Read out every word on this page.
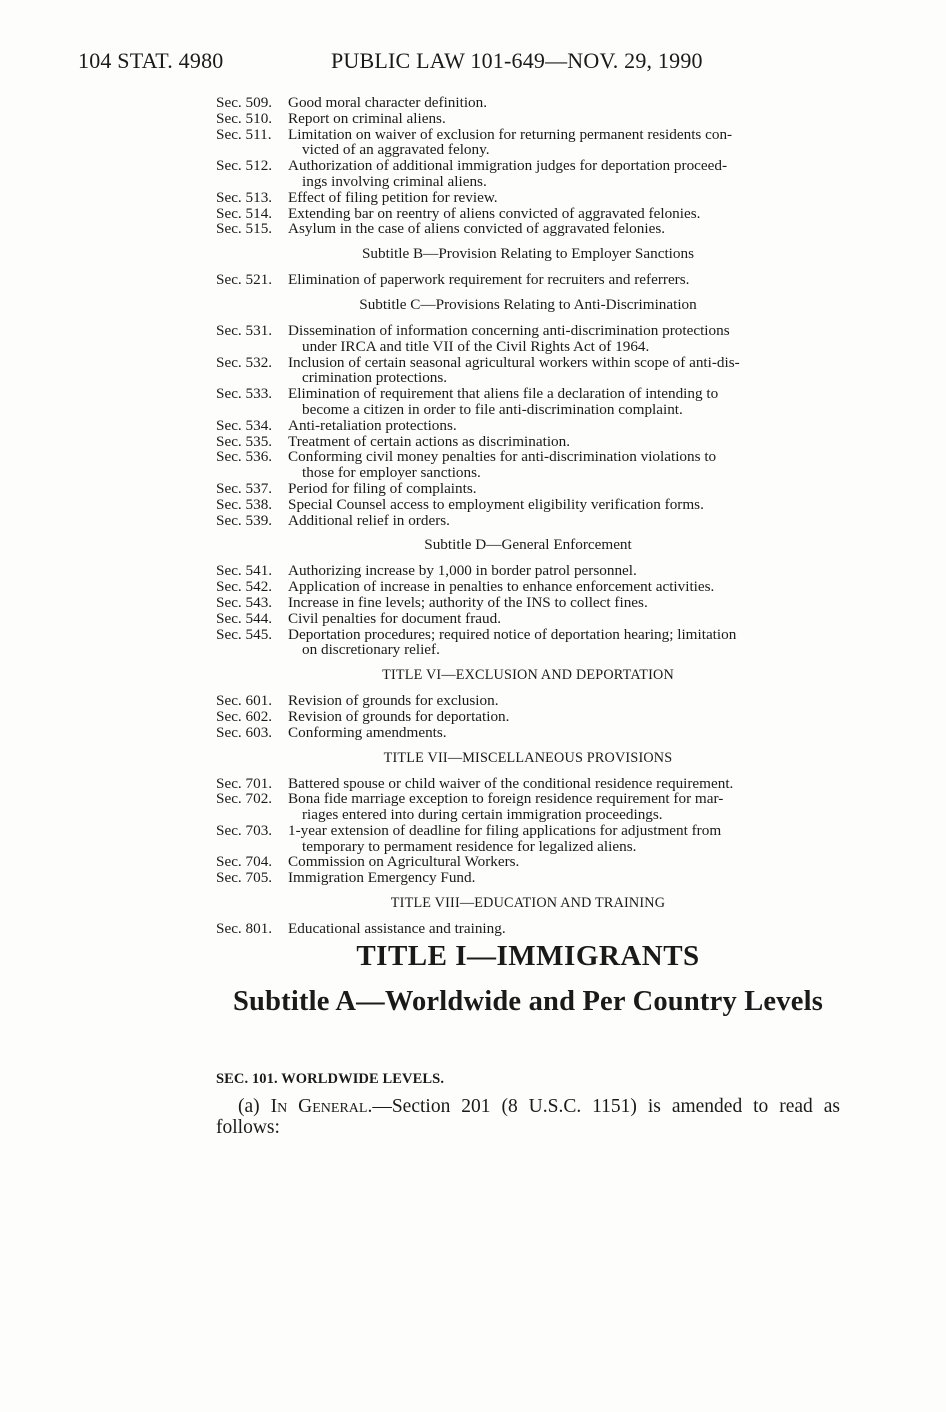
104 STAT. 4980	PUBLIC LAW 101-649—NOV. 29, 1990
Sec. 509.	Good moral character definition.
Sec. 510.	Report on criminal aliens.
Sec. 511.	Limitation on waiver of exclusion for returning permanent residents con-
victed of an aggravated felony.
Sec. 512.	Authorization of additional immigration judges for deportation proceed-
ings involving criminal aliens.
Sec. 513.	Effect of filing petition for review.
Sec. 514.	Extending bar on reentry of aliens convicted of aggravated felonies.
Sec. 515.	Asylum in the case of aliens convicted of aggravated felonies.
Subtitle B—Provision Relating to Employer Sanctions
Sec. 521.	Elimination of paperwork requirement for recruiters and referrers.
Subtitle C—Provisions Relating to Anti-Discrimination
Sec. 531.	Dissemination of information concerning anti-discrimination protections
under IRCA and title VII of the Civil Rights Act of 1964.
Sec. 532.	Inclusion of certain seasonal agricultural workers within scope of anti-dis-
crimination protections.
Sec. 533.	Elimination of requirement that aliens file a declaration of intending to
become a citizen in order to file anti-discrimination complaint.
Sec. 534.	Anti-retaliation protections.
Sec. 535.	Treatment of certain actions as discrimination.
Sec. 536.	Conforming civil money penalties for anti-discrimination violations to
those for employer sanctions.
Sec. 537.	Period for filing of complaints.
Sec. 538.	Special Counsel access to employment eligibility verification forms.
Sec. 539.	Additional relief in orders.
Subtitle D—General Enforcement
Sec. 541.	Authorizing increase by 1,000 in border patrol personnel.
Sec. 542.	Application of increase in penalties to enhance enforcement activities.
Sec. 543.	Increase in fine levels; authority of the INS to collect fines.
Sec. 544.	Civil penalties for document fraud.
Sec. 545.	Deportation procedures; required notice of deportation hearing; limitation
on discretionary relief.
TITLE VI—EXCLUSION AND DEPORTATION
Sec. 601.	Revision of grounds for exclusion.
Sec. 602.	Revision of grounds for deportation.
Sec. 603.	Conforming amendments.
TITLE VII—MISCELLANEOUS PROVISIONS
Sec. 701.	Battered spouse or child waiver of the conditional residence requirement.
Sec. 702.	Bona fide marriage exception to foreign residence requirement for mar-
riages entered into during certain immigration proceedings.
Sec. 703.	1-year extension of deadline for filing applications for adjustment from
temporary to permament residence for legalized aliens.
Sec. 704.	Commission on Agricultural Workers.
Sec. 705.	Immigration Emergency Fund.
TITLE VIII—EDUCATION AND TRAINING
Sec. 801.	Educational assistance and training.
TITLE I—IMMIGRANTS
Subtitle A—Worldwide and Per Country Levels
SEC. 101. WORLDWIDE LEVELS.
(a) In General.—Section 201 (8 U.S.C. 1151) is amended to read as follows:
